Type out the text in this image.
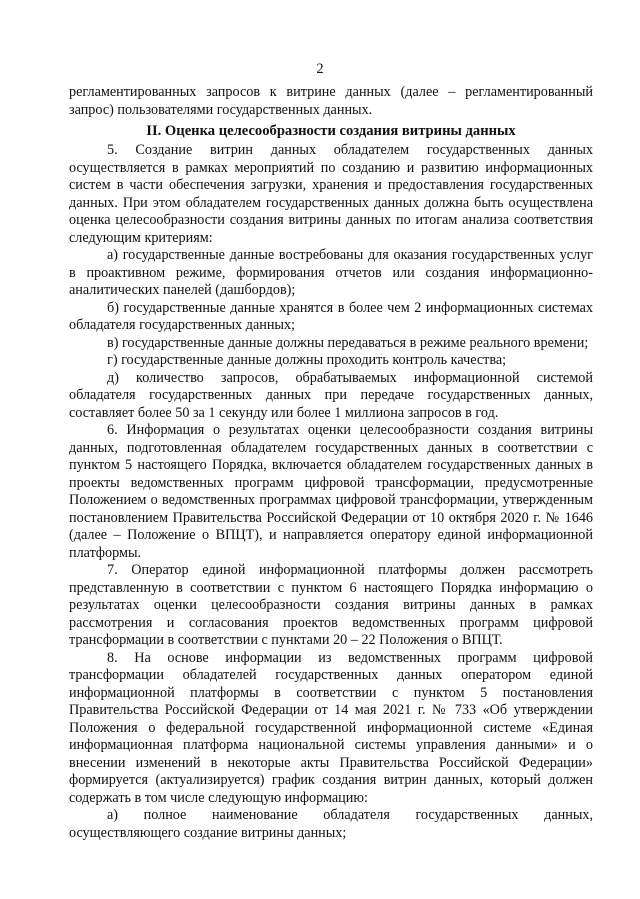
2

регламентированных запросов к витрине данных (далее – регламентированный запрос) пользователями государственных данных.

II. Оценка целесообразности создания витрины данных

5. Создание витрин данных обладателем государственных данных осуществляется в рамках мероприятий по созданию и развитию информационных систем в части обеспечения загрузки, хранения и предоставления государственных данных. При этом обладателем государственных данных должна быть осуществлена оценка целесообразности создания витрины данных по итогам анализа соответствия следующим критериям:

а) государственные данные востребованы для оказания государственных услуг в проактивном режиме, формирования отчетов или создания информационно-аналитических панелей (дашбордов);

б) государственные данные хранятся в более чем 2 информационных системах обладателя государственных данных;

в) государственные данные должны передаваться в режиме реального времени;

г) государственные данные должны проходить контроль качества;

д) количество запросов, обрабатываемых информационной системой обладателя государственных данных при передаче государственных данных, составляет более 50 за 1 секунду или более 1 миллиона запросов в год.

6. Информация о результатах оценки целесообразности создания витрины данных, подготовленная обладателем государственных данных в соответствии с пунктом 5 настоящего Порядка, включается обладателем государственных данных в проекты ведомственных программ цифровой трансформации, предусмотренные Положением о ведомственных программах цифровой трансформации, утвержденным постановлением Правительства Российской Федерации от 10 октября 2020 г. № 1646 (далее – Положение о ВПЦТ), и направляется оператору единой информационной платформы.

7. Оператор единой информационной платформы должен рассмотреть представленную в соответствии с пунктом 6 настоящего Порядка информацию о результатах оценки целесообразности создания витрины данных в рамках рассмотрения и согласования проектов ведомственных программ цифровой трансформации в соответствии с пунктами 20 – 22 Положения о ВПЦТ.

8. На основе информации из ведомственных программ цифровой трансформации обладателей государственных данных оператором единой информационной платформы в соответствии с пунктом 5 постановления Правительства Российской Федерации от 14 мая 2021 г. № 733 «Об утверждении Положения о федеральной государственной информационной системе «Единая информационная платформа национальной системы управления данными» и о внесении изменений в некоторые акты Правительства Российской Федерации» формируется (актуализируется) график создания витрин данных, который должен содержать в том числе следующую информацию:

а) полное наименование обладателя государственных данных, осуществляющего создание витрины данных;
